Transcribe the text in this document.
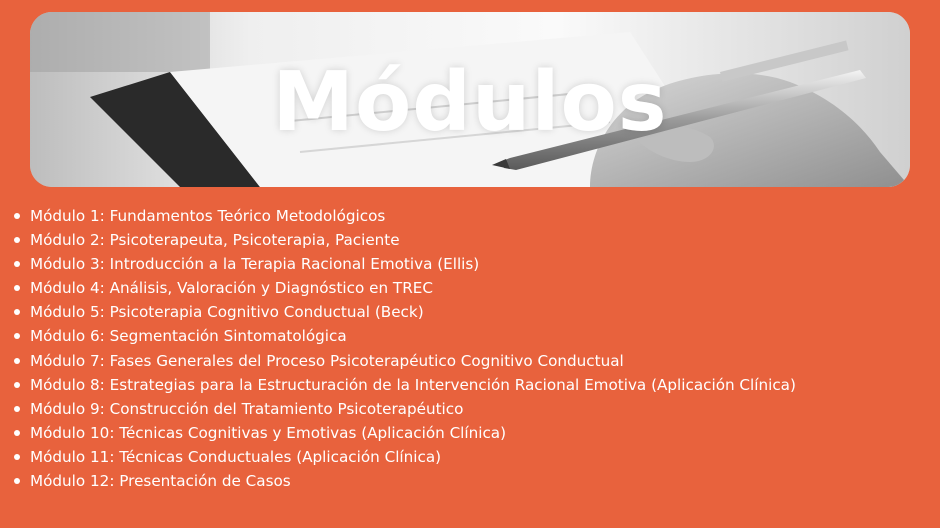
Módulos
Módulo 1: Fundamentos Teórico Metodológicos
Módulo 2: Psicoterapeuta, Psicoterapia, Paciente
Módulo 3: Introducción a la Terapia Racional Emotiva (Ellis)
Módulo 4: Análisis, Valoración y Diagnóstico en TREC
Módulo 5: Psicoterapia Cognitivo Conductual (Beck)
Módulo 6: Segmentación Sintomatológica
Módulo 7: Fases Generales del Proceso Psicoterapéutico Cognitivo Conductual
Módulo 8: Estrategias para la Estructuración de la Intervención Racional Emotiva (Aplicación Clínica)
Módulo 9: Construcción del Tratamiento Psicoterapéutico
Módulo 10: Técnicas Cognitivas y Emotivas (Aplicación Clínica)
Módulo 11: Técnicas Conductuales (Aplicación Clínica)
Módulo 12: Presentación de Casos
